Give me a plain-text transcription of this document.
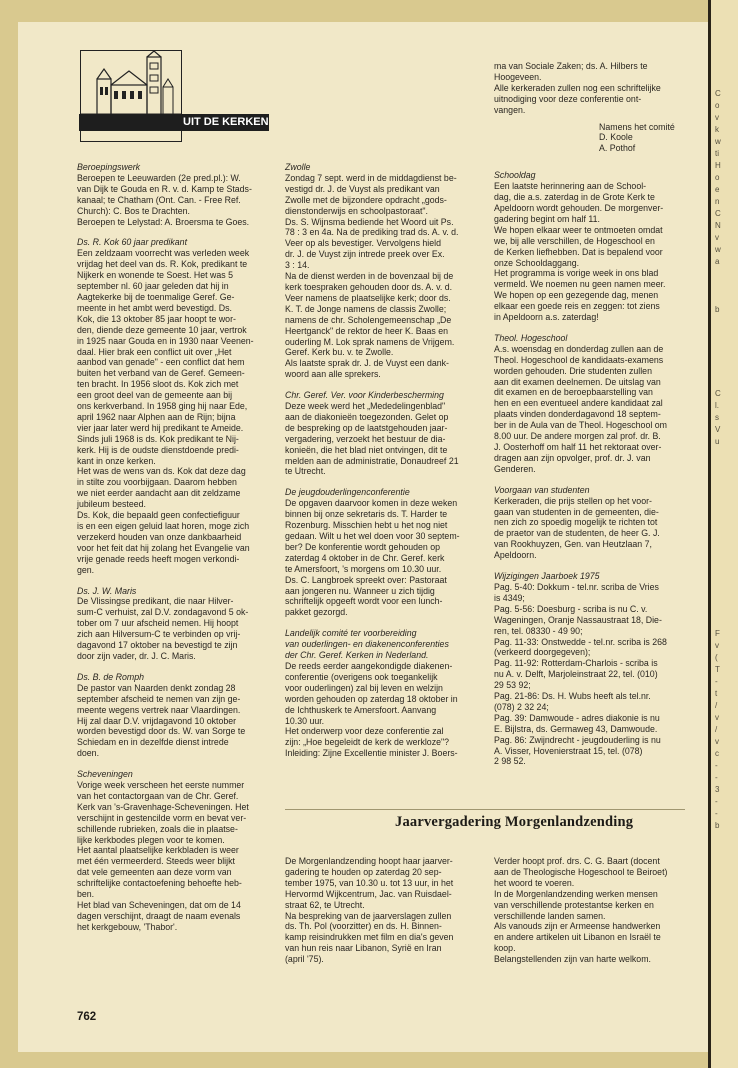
C
o
v
k
w
ti
H
o
e
n
C
N
v
w
a
b
C
l.
s
V
u
F
v
(
T
-
t
/
v
/
v
c
-
-
3
-
-
b
UIT DE KERKEN

Beroepingswerk

Beroepen te Leeuwarden (2e pred.pl.): W.

van Dijk te Gouda en R. v. d. Kamp te Stads-

kanaal; te Chatham (Ont. Can. - Free Ref.

Church): C. Bos te Drachten.

Beroepen te Lelystad: A. Broersma te Goes.

Ds. R. Kok 60 jaar predikant

Een zeldzaam voorrecht was verleden week

vrijdag het deel van ds. R. Kok, predikant te

Nijkerk en wonende te Soest. Het was 5

september nl. 60 jaar geleden dat hij in

Aagtekerke bij de toenmalige Geref. Ge-

meente in het ambt werd bevestigd. Ds.

Kok, die 13 oktober 85 jaar hoopt te wor-

den, diende deze gemeente 10 jaar, vertrok

in 1925 naar Gouda en in 1930 naar Veenen-

daal. Hier brak een conflict uit over „Het

aanbod van genade" - een conflict dat hem

buiten het verband van de Geref. Gemeen-

ten bracht. In 1956 sloot ds. Kok zich met

een groot deel van de gemeente aan bij

ons kerkverband. In 1958 ging hij naar Ede,

april 1962 naar Alphen aan de Rijn; bijna

vier jaar later werd hij predikant te Ameide.

Sinds juli 1968 is ds. Kok predikant te Nij-

kerk. Hij is de oudste dienstdoende predi-

kant in onze kerken.

Het was de wens van ds. Kok dat deze dag

in stilte zou voorbijgaan. Daarom hebben

we niet eerder aandacht aan dit zeldzame

jubileum besteed.

Ds. Kok, die bepaald geen confectiefiguur

is en een eigen geluid laat horen, moge zich

verzekerd houden van onze dankbaarheid

voor het feit dat hij zolang het Evangelie van

vrije genade reeds heeft mogen verkondi-

gen.

Ds. J. W. Maris

De Vlissingse predikant, die naar Hilver-

sum-C verhuist, zal D.V. zondagavond 5 ok-

tober om 7 uur afscheid nemen. Hij hoopt

zich aan Hilversum-C te verbinden op vrij-

dagavond 17 oktober na bevestigd te zijn

door zijn vader, dr. J. C. Maris.

Ds. B. de Romph

De pastor van Naarden denkt zondag 28

september afscheid te nemen van zijn ge-

meente wegens vertrek naar Vlaardingen.

Hij zal daar D.V. vrijdagavond 10 oktober

worden bevestigd door ds. W. van Sorge te

Schiedam en in dezelfde dienst intrede

doen.

Scheveningen

Vorige week verscheen het eerste nummer

van het contactorgaan van de Chr. Geref.

Kerk van 's-Gravenhage-Scheveningen. Het

verschijnt in gestencilde vorm en bevat ver-

schillende rubrieken, zoals die in plaatse-

lijke kerkbodes plegen voor te komen.

Het aantal plaatselijke kerkbladen is weer

met één vermeerderd. Steeds weer blijkt

dat vele gemeenten aan deze vorm van

schriftelijke contactoefening behoefte heb-

ben.

Het blad van Scheveningen, dat om de 14

dagen verschijnt, draagt de naam evenals

het kerkgebouw, 'Thabor'.

Zwolle

Zondag 7 sept. werd in de middagdienst be-

vestigd dr. J. de Vuyst als predikant van

Zwolle met de bijzondere opdracht „gods-

dienstonderwijs en schoolpastoraat".

Ds. S. Wijnsma bediende het Woord uit Ps.

78 : 3 en 4a. Na de prediking trad ds. A. v. d.

Veer op als bevestiger. Vervolgens hield

dr. J. de Vuyst zijn intrede preek over Ex.

3 : 14.

Na de dienst werden in de bovenzaal bij de

kerk toespraken gehouden door ds. A. v. d.

Veer namens de plaatselijke kerk; door ds.

K. T. de Jonge namens de classis Zwolle;

namens de chr. Scholengemeenschap „De

Heertganck" de rektor de heer K. Baas en

ouderling M. Lok sprak namens de Vrijgem.

Geref. Kerk bu. v. te Zwolle.

Als laatste sprak dr. J. de Vuyst een dank-

woord aan alle sprekers.

Chr. Geref. Ver. voor Kinderbescherming

Deze week werd het „Mededelingenblad"

aan de diakonieën toegezonden. Gelet op

de bespreking op de laatstgehouden jaar-

vergadering, verzoekt het bestuur de dia-

konieën, die het blad niet ontvingen, dit te

melden aan de administratie, Donaudreef 21

te Utrecht.

De jeugdouderlingenconferentie

De opgaven daarvoor komen in deze weken

binnen bij onze sekretaris ds. T. Harder te

Rozenburg. Misschien hebt u het nog niet

gedaan. Wilt u het wel doen voor 30 septem-

ber? De konferentie wordt gehouden op

zaterdag 4 oktober in de Chr. Geref. kerk

te Amersfoort, 's morgens om 10.30 uur.

Ds. C. Langbroek spreekt over: Pastoraat

aan jongeren nu. Wanneer u zich tijdig

schriftelijk opgeeft wordt voor een lunch-

pakket gezorgd.

Landelijk comité ter voorbereiding

van ouderlingen- en diakenenconferenties

der Chr. Geref. Kerken in Nederland.

De reeds eerder aangekondigde diakenen-

conferentie (overigens ook toegankelijk

voor ouderlingen) zal bij leven en welzijn

worden gehouden op zaterdag 18 oktober in

de Ichthuskerk te Amersfoort. Aanvang

10.30 uur.

Het onderwerp voor deze conferentie zal

zijn: „Hoe begeleidt de kerk de werkloze"?

Inleiding: Zijne Excellentie minister J. Boers-

ma van Sociale Zaken; ds. A. Hilbers te

Hoogeveen.

Alle kerkeraden zullen nog een schriftelijke

uitnodiging voor deze conferentie ont-

vangen.

Namens het comité

D. Koole

A. Pothof

Schooldag

Een laatste herinnering aan de School-

dag, die a.s. zaterdag in de Grote Kerk te

Apeldoorn wordt gehouden. De morgenver-

gadering begint om half 11.

We hopen elkaar weer te ontmoeten omdat

we, bij alle verschillen, de Hogeschool en

de Kerken liefhebben. Dat is bepalend voor

onze Schooldaggang.

Het programma is vorige week in ons blad

vermeld. We noemen nu geen namen meer.

We hopen op een gezegende dag, menen

elkaar een goede reis en zeggen: tot ziens

in Apeldoorn a.s. zaterdag!

Theol. Hogeschool

A.s. woensdag en donderdag zullen aan de

Theol. Hogeschool de kandidaats-examens

worden gehouden. Drie studenten zullen

aan dit examen deelnemen. De uitslag van

dit examen en de beroepbaarstelling van

hen en een eventueel andere kandidaat zal

plaats vinden donderdagavond 18 septem-

ber in de Aula van de Theol. Hogeschool om

8.00 uur. De andere morgen zal prof. dr. B.

J. Oosterhoff om half 11 het rektoraat over-

dragen aan zijn opvolger, prof. dr. J. van

Genderen.

Voorgaan van studenten

Kerkeraden, die prijs stellen op het voor-

gaan van studenten in de gemeenten, die-

nen zich zo spoedig mogelijk te richten tot

de praetor van de studenten, de heer G. J.

van Rookhuyzen, Gen. van Heutzlaan 7,

Apeldoorn.

Wijzigingen Jaarboek 1975

Pag. 5-40: Dokkum - tel.nr. scriba de Vries

is 4349;

Pag. 5-56: Doesburg - scriba is nu C. v.

Wageningen, Oranje Nassaustraat 18, Die-

ren, tel. 08330 - 49 90;

Pag. 11-33: Onstwedde - tel.nr. scriba is 268

(verkeerd doorgegeven);

Pag. 11-92: Rotterdam-Charlois - scriba is

nu A. v. Delft, Marjoleinstraat 22, tel. (010)

29 53 92;

Pag. 21-86: Ds. H. Wubs heeft als tel.nr.

(078) 2 32 24;

Pag. 39: Damwoude - adres diakonie is nu

E. Bijlstra, ds. Germaweg 43, Damwoude.

Pag. 86: Zwijndrecht - jeugdouderling is nu

A. Visser, Hovenierstraat 15, tel. (078)

2 98 52.

Jaarvergadering Morgenlandzending

De Morgenlandzending hoopt haar jaarver-

gadering te houden op zaterdag 20 sep-

tember 1975, van 10.30 u. tot 13 uur, in het

Hervormd Wijkcentrum, Jac. van Ruisdael-

straat 62, te Utrecht.

Na bespreking van de jaarverslagen zullen

ds. Th. Pol (voorzitter) en ds. H. Binnen-

kamp reisindrukken met film en dia's geven

van hun reis naar Libanon, Syrië en Iran

(april '75).

Verder hoopt prof. drs. C. G. Baart (docent

aan de Theologische Hogeschool te Beiroet)

het woord te voeren.

In de Morgenlandzending werken mensen

van verschillende protestantse kerken en

verschillende landen samen.

Als vanouds zijn er Armeense handwerken

en andere artikelen uit Libanon en Israël te

koop.

Belangstellenden zijn van harte welkom.

762
